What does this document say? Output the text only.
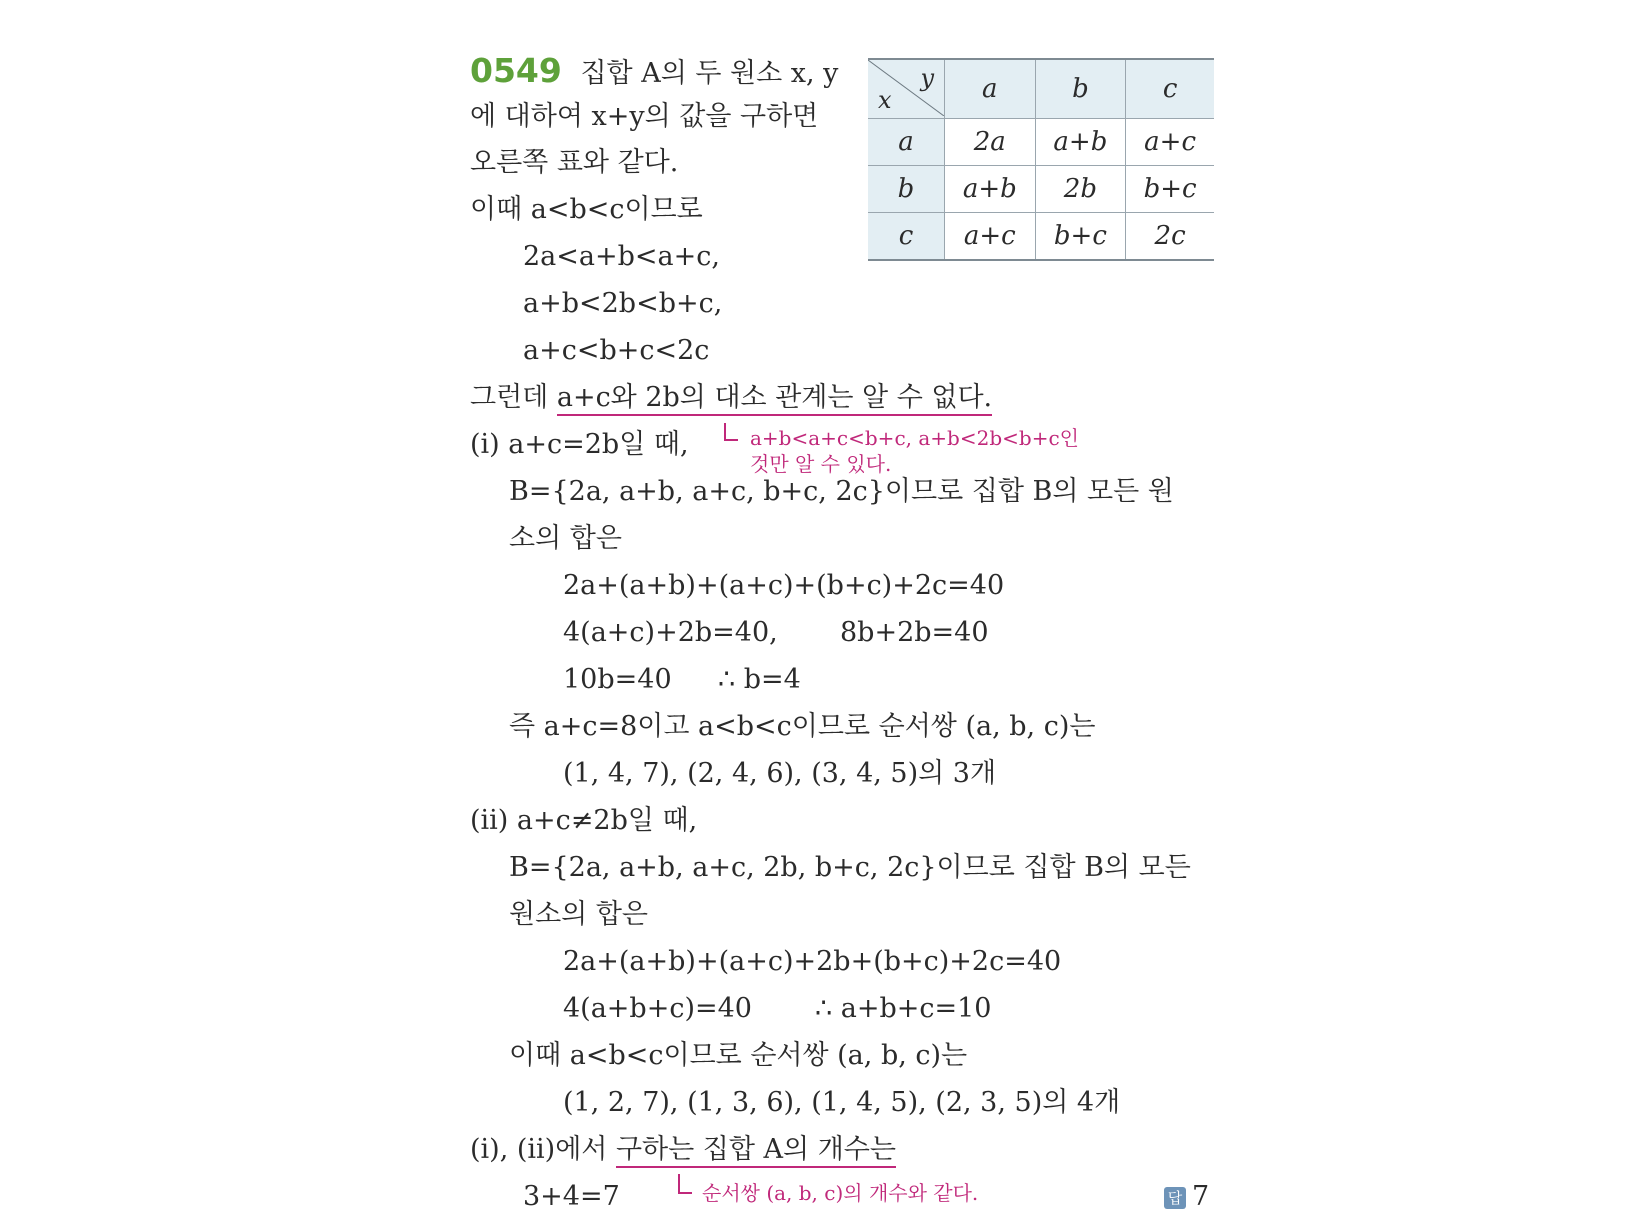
0549 집합 A의 두 원소 x, y
에 대하여 x+y의 값을 구하면
오른쪽 표와 같다.
y
x	a	b	c
a	2a	a+b	a+c
b	a+b	2b	b+c
c	a+c	b+c	2c
이때 a<b<c이므로
2a<a+b<a+c,
a+b<2b<b+c,
a+c<b+c<2c
그런데 a+c와 2b의 대소 관계는 알 수 없다.
(ⅰ) a+c=2b일 때,	a+b<a+c<b+c, a+b<2b<b+c인
것만 알 수 있다.
B={2a, a+b, a+c, b+c, 2c}이므로 집합 B의 모든 원
소의 합은
2a+(a+b)+(a+c)+(b+c)+2c=40
4(a+c)+2b=40, 8b+2b=40
10b=40 ∴ b=4
즉 a+c=8이고 a<b<c이므로 순서쌍 (a, b, c)는
(1, 4, 7), (2, 4, 6), (3, 4, 5)의 3개
(ⅱ) a+c≠2b일 때,
B={2a, a+b, a+c, 2b, b+c, 2c}이므로 집합 B의 모든
원소의 합은
2a+(a+b)+(a+c)+2b+(b+c)+2c=40
4(a+b+c)=40 ∴ a+b+c=10
이때 a<b<c이므로 순서쌍 (a, b, c)는
(1, 2, 7), (1, 3, 6), (1, 4, 5), (2, 3, 5)의 4개
(ⅰ), (ⅱ)에서 구하는 집합 A의 개수는
3+4=7	순서쌍 (a, b, c)의 개수와 같다.	답 7
